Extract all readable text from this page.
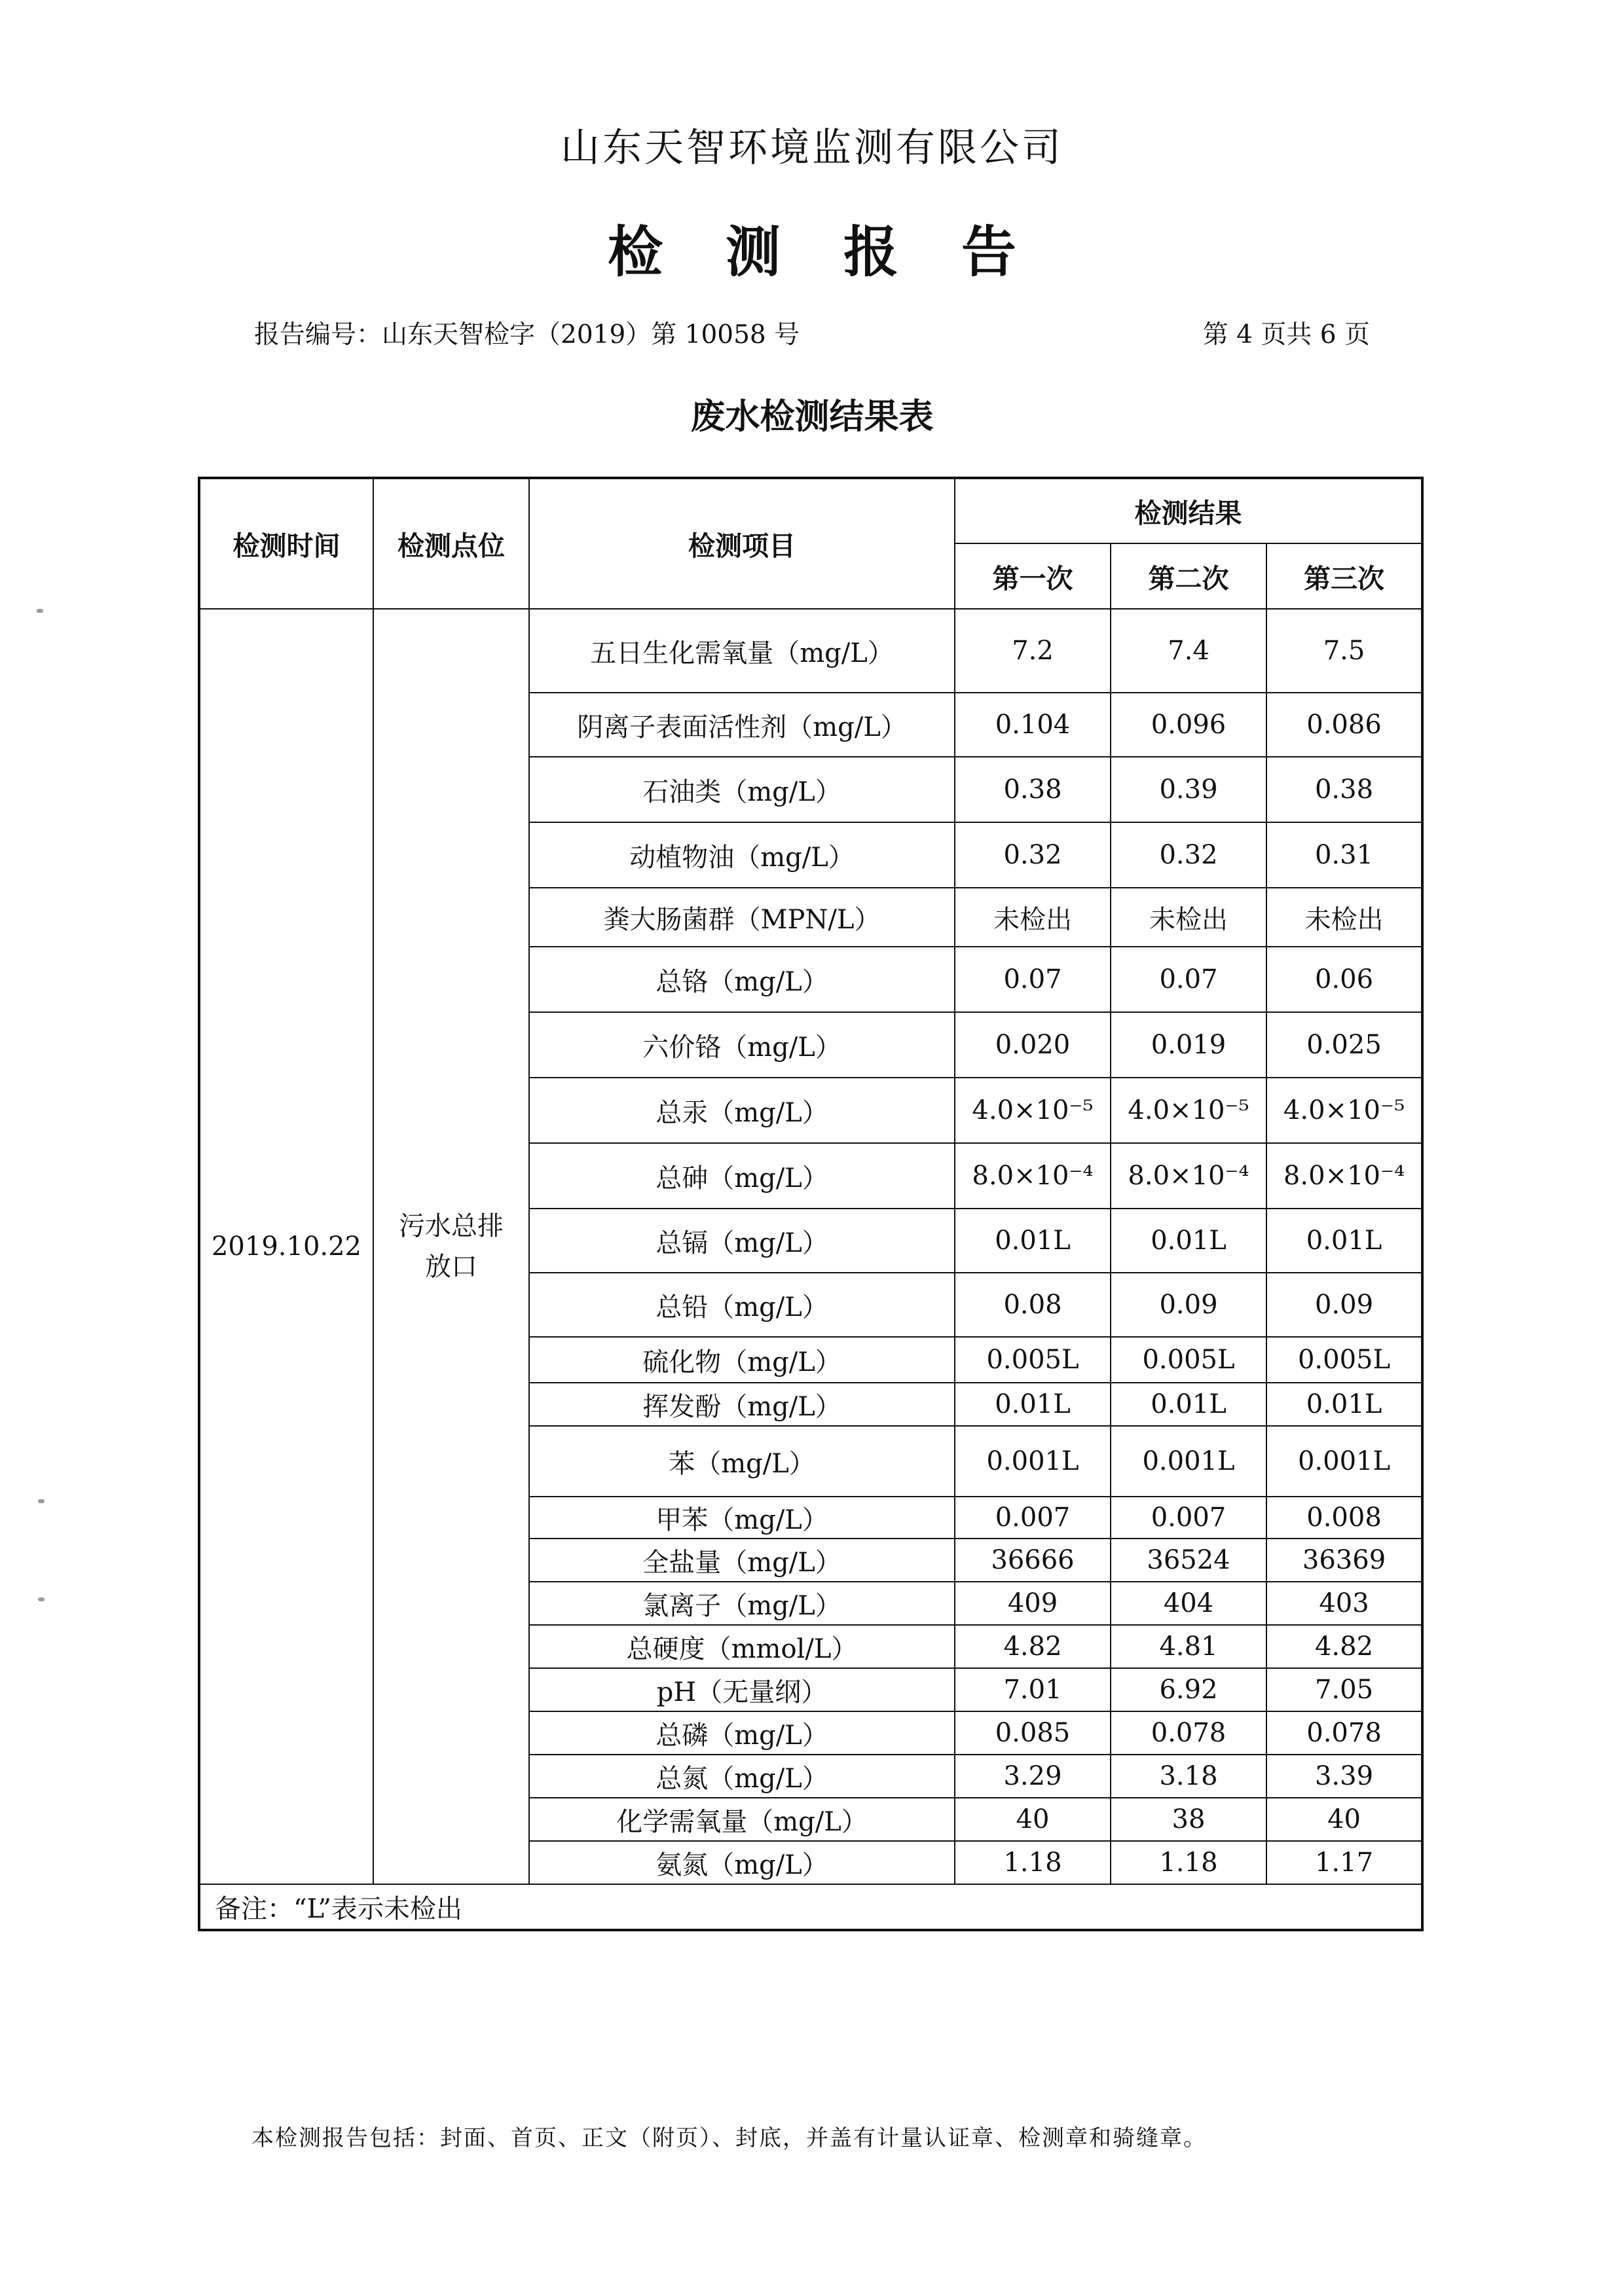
山东天智环境监测有限公司
检 测 报 告
报告编号：山东天智检字（2019）第 10058 号	第 4 页共 6 页
废水检测结果表
检测时间	检测点位	检测项目	检测结果		
			第一次	第二次	第三次
2019.10.22	污水总排放口	五日生化需氧量（mg/L）	7.2	7.4	7.5
		阴离子表面活性剂（mg/L）	0.104	0.096	0.086
		石油类（mg/L）	0.38	0.39	0.38
		动植物油（mg/L）	0.32	0.32	0.31
		粪大肠菌群（MPN/L）	未检出	未检出	未检出
		总铬（mg/L）	0.07	0.07	0.06
		六价铬（mg/L）	0.020	0.019	0.025
		总汞（mg/L）	4.0×10⁻⁵	4.0×10⁻⁵	4.0×10⁻⁵
		总砷（mg/L）	8.0×10⁻⁴	8.0×10⁻⁴	8.0×10⁻⁴
		总镉（mg/L）	0.01L	0.01L	0.01L
		总铅（mg/L）	0.08	0.09	0.09
		硫化物（mg/L）	0.005L	0.005L	0.005L
		挥发酚（mg/L）	0.01L	0.01L	0.01L
		苯（mg/L）	0.001L	0.001L	0.001L
		甲苯（mg/L）	0.007	0.007	0.008
		全盐量（mg/L）	36666	36524	36369
		氯离子（mg/L）	409	404	403
		总硬度（mmol/L）	4.82	4.81	4.82
		pH（无量纲）	7.01	6.92	7.05
		总磷（mg/L）	0.085	0.078	0.078
		总氮（mg/L）	3.29	3.18	3.39
		化学需氧量（mg/L）	40	38	40
		氨氮（mg/L）	1.18	1.18	1.17
备注：“L”表示未检出					
本检测报告包括：封面、首页、正文（附页）、封底，并盖有计量认证章、检测章和骑缝章。
